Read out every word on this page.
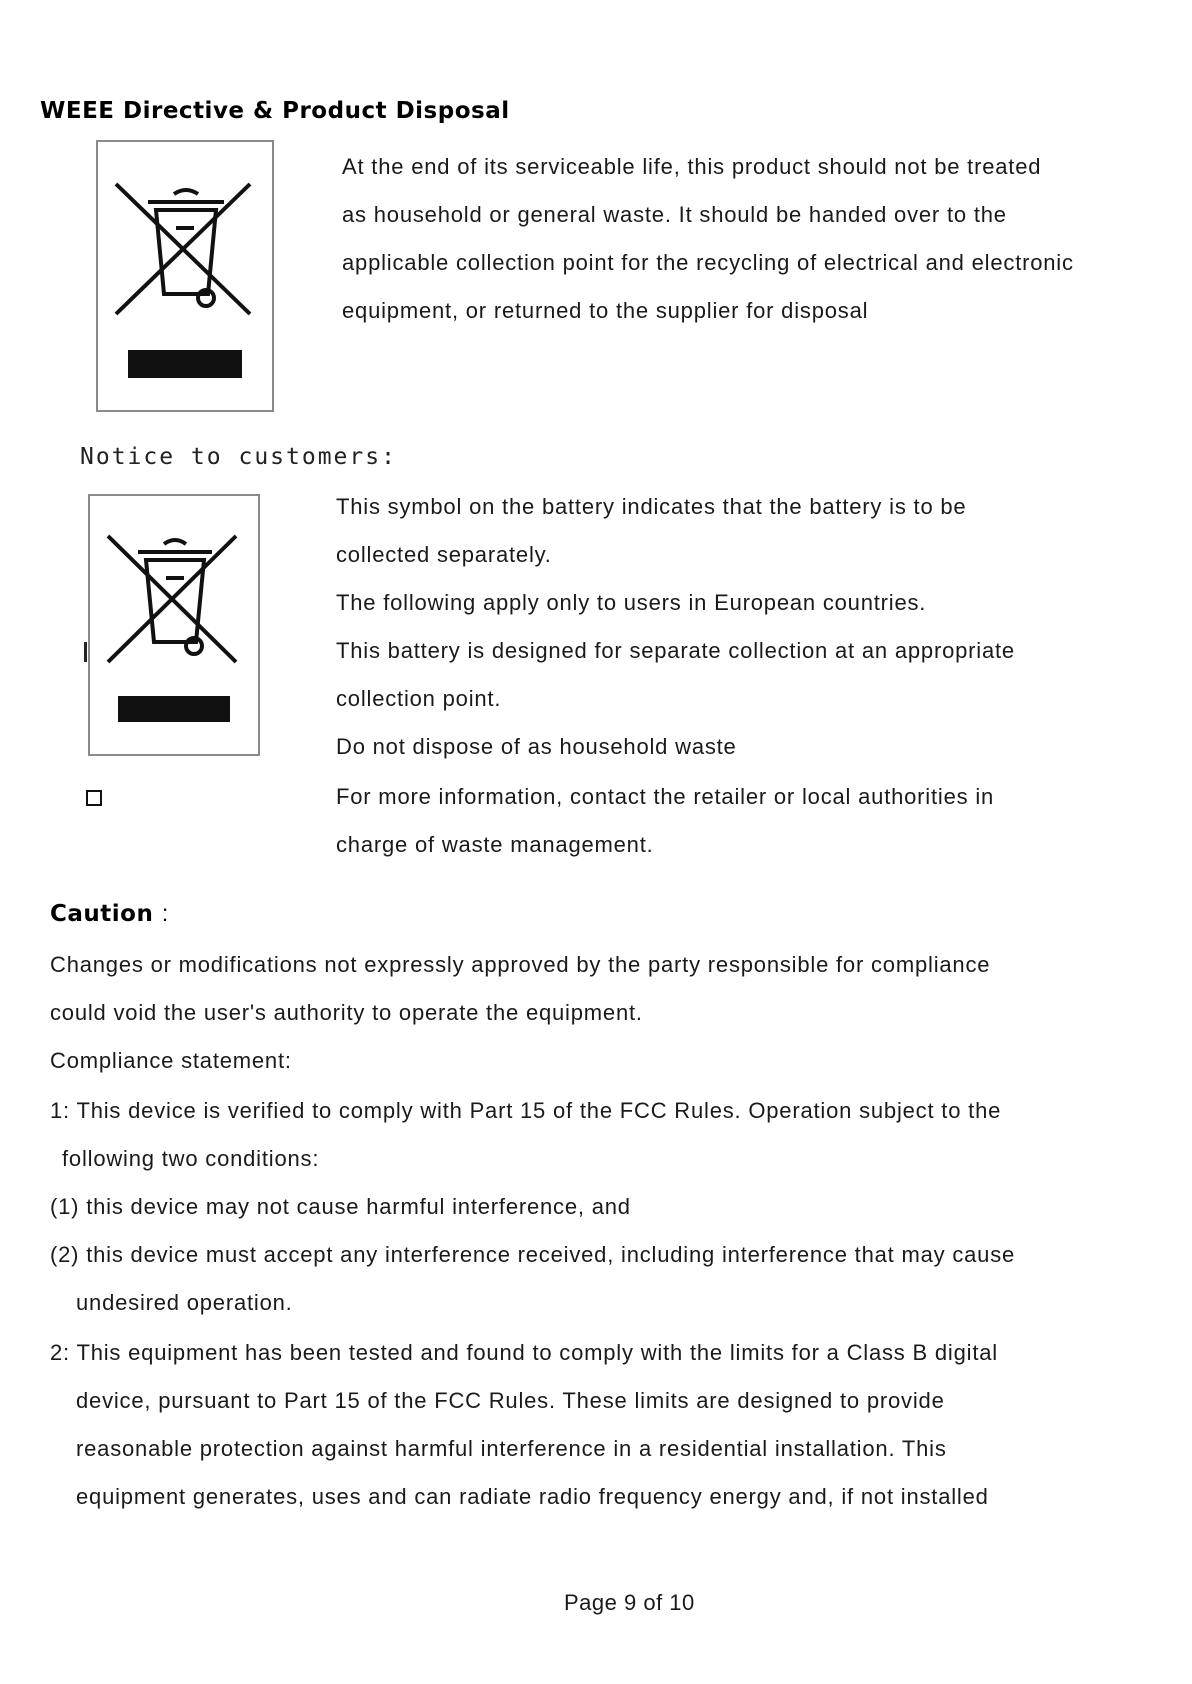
WEEE Directive & Product Disposal
At the end of its serviceable life, this product should not be treated
as household or general waste. It should be handed over to the
applicable collection point for the recycling of electrical and electronic
equipment, or returned to the supplier for disposal
Notice to customers:
This symbol on the battery indicates that the battery is to be
collected separately.
The following apply only to users in European countries.
This battery is designed for separate collection at an appropriate
collection point.
Do not dispose of as household waste
For more information, contact the retailer or local authorities in
charge of waste management.
Caution :
Changes or modifications not expressly approved by the party responsible for compliance
could void the user's authority to operate the equipment.
Compliance statement:
1: This device is verified to comply with Part 15 of the FCC Rules. Operation subject to the
following two conditions:
(1) this device may not cause harmful interference, and
(2) this device must accept any interference received, including interference that may cause
undesired operation.
2: This equipment has been tested and found to comply with the limits for a Class B digital
device, pursuant to Part 15 of the FCC Rules. These limits are designed to provide
reasonable protection against harmful interference in a residential installation. This
equipment generates, uses and can radiate radio frequency energy and, if not installed
Page 9 of 10
